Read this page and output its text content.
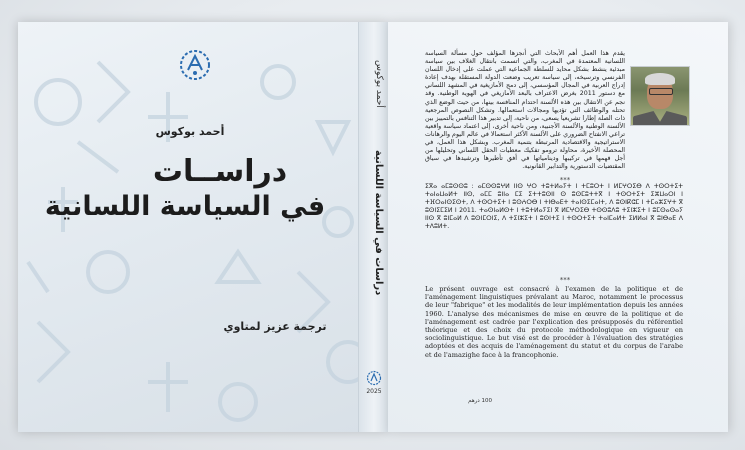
أحمد بوكوس
دراســات
في السياسة اللسانية
ترجمة عزيز لمتاوي
أحمد بوكوس
دراسات في السياسة اللسانية
2025
يقدم هذا العمل أهم الأبحاث التي أنجزها المؤلف حول مسألة السياسة اللسانية المعتمدة في المغرب، والتي اتسمت بانتقال الغلاف بين سياسة مبدئية ينشط بشكل محايد للسلطة الجماعية التي عملت على إدخال اللسان الفرنسي وترسيخه، إلى سياسة تعريب وضعت الدولة المستقلة بهدف إعادة إدراج العربية في المجال المؤسسي، إلى دمج الأمازيغية في المشهد اللساني مع دستور 2011 بغرض الاعتراف بالبعد الأمازيغي في الهوية الوطنية. وقد نجم عن الانتقال بين هذه الألسنة احتدام المنافسة بينها، من حيث الوضع الذي تحتله والوظائف التي تؤديها ومجالات استعمالها. وتشكل النصوص المرجعية ذات الصلة إطارا تشريعيا يسعى، من ناحية، إلى تدبير هذا التنافس بالتمييز بين الألسنة الوطنية والألسنة الأجنبية، ومن ناحية أخرى، إلى اعتماد سياسة واقعية تراعي الانفتاح الضروري على الألسنة الأكثر استعمالا في عالم اليوم والرهانات الاستراتيجية والاقتصادية المرتبطة بتنمية المغرب. وبشكل هذا العمل، في المحصلة الأخيرة، محاولة ترومو تفكيك معطيات الحقل اللساني وتحليلها من أجل فهمها في تركيبها ودينامياتها في أفق تأطيرها وترشيدها في سياق المقتضيات الدستورية والتدابير القانونية.
***
ⵉⴳⴰ ⴰⵎⵓⵙⵙⵓ : ⴰⵎⵙⵙⵓⵖⵍ ⵏⵏⵙ ⵖⵔ ⵜⵓⵜⵍⴰⵢⵜ ⵏ ⵜⵎⵓⵔⵜ ⵏ ⵍⵎⵖⵔⵉⴱ ⴷ ⵜⵙⵔⵜⵉⵜ ⵜⴰⵏⴰⵡⴰⵍⵜ ⵏⵏⵙ, ⴰⵎⵎ ⵓⵏⵏⴰ ⵎⵉ ⵉⵜⵜⵓⵙⵏⵏ ⵙ ⵓⵙⵎⵓⵜⵜⴳ ⵏ ⵜⵙⵔⵜⵉⵜ ⵉⵣⵡⴰⵔⵏ ⵏ ⵜⴼⵔⴰⵏⵙⵉⵙⵜ, ⴷ ⵜⵙⵔⵜⵉⵜ ⵏ ⵓⵙⵄⵔⴱ ⵏ ⵜⵏⴱⴰⴹⵜ ⵜⴰⵏⵙⵉⵎⴰⵏⵜ, ⴷ ⵓⵙⵏⴽⵛⵎ ⵏ ⵜⵎⴰⵣⵉⵖⵜ ⴳ ⵓⵙⵏⵉⵎⵉⵍ ⵏ 2011. ⵜⴰⵙⵏⴰⵍⵙⵜ ⵏ ⵜⵓⵜⵍⴰⵢⵉⵏ ⴳ ⵍⵎⵖⵔⵉⴱ ⵜⵙⵙⵓⴷⵓ ⵜⵉⵏⵣⵉⵜ ⵏ ⵓⵎⵙⴰⵙⴰⵢ ⵏⵏⵙ ⴳ ⵓⵏⵎⴰⵍ ⴷ ⵓⵙⵏⵎⵔⵏⵉ, ⴷ ⵜⵉⵏⵣⵉⵜ ⵏ ⵓⵙⵏⵜⵉ ⵏ ⵜⵙⵔⵜⵉⵜ ⵜⴰⵏⵎⴰⵍⵜ ⵉⵍⵍⴰⵏ ⴳ ⵓⵏⴱⴰⴹ ⴷ ⵜⴷⵓⵍⵜ.
***
Le présent ouvrage est consacré à l'examen de la politique et de l'aménagement linguistiques prévalant au Maroc, notamment le processus de leur "fabrique" et les modalités de leur implémentation depuis les années 1960. L'analyse des mécanismes de mise en œuvre de la politique et de l'aménagement est cadrée par l'explication des présupposés du référentiel théorique et des choix du protocole méthodologique en vigueur en sociolinguistique. Le but visé est de procéder à l'évaluation des stratégies adoptées et des acquis de l'aménagement du statut et du corpus de l'arabe et de l'amazighe face à la francophonie.
100 درهم
